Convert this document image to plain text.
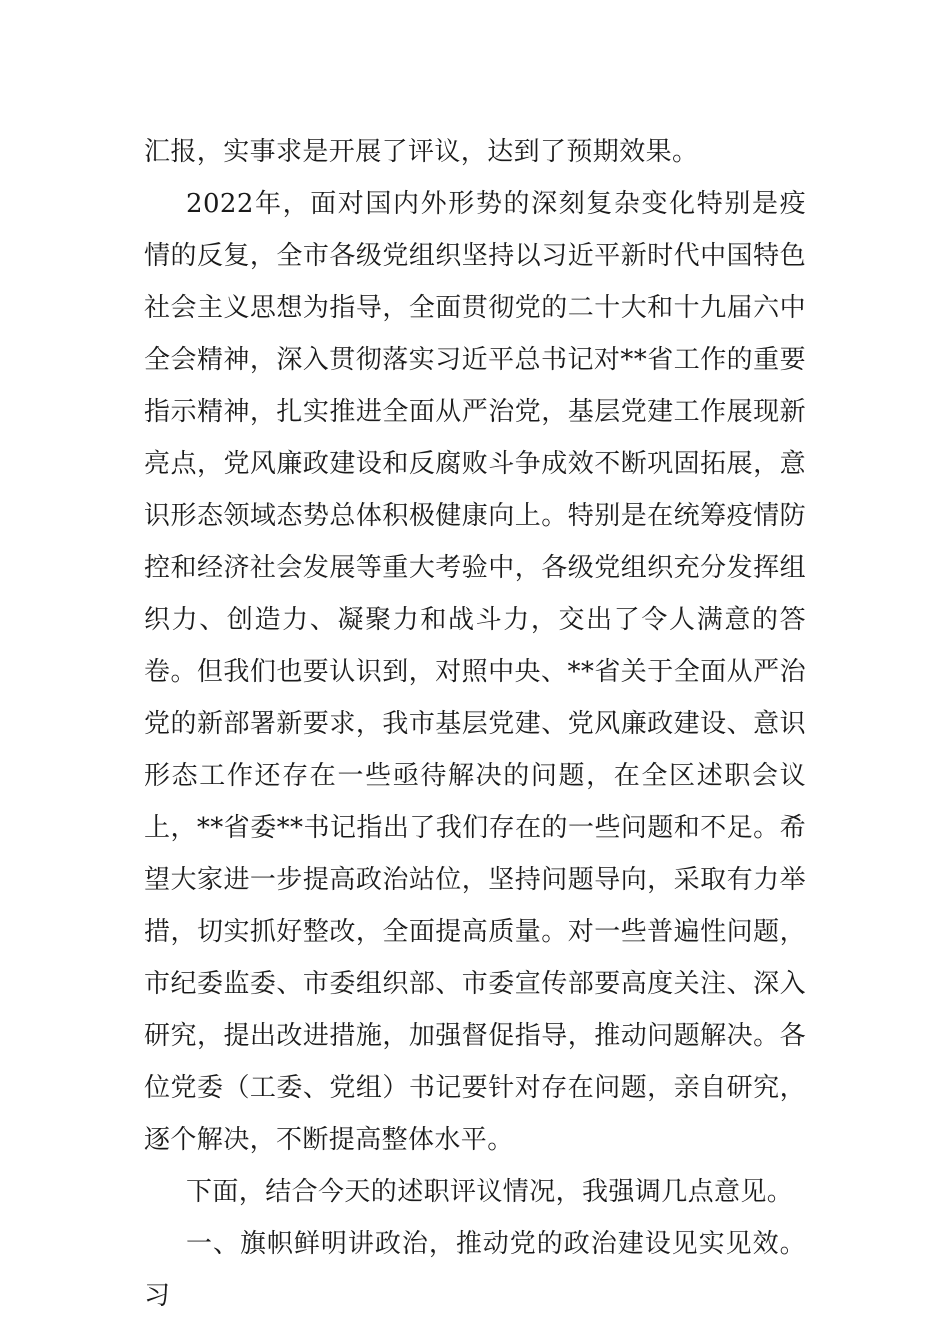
汇报，实事求是开展了评议，达到了预期效果。

2022年，面对国内外形势的深刻复杂变化特别是疫情的反复，全市各级党组织坚持以习近平新时代中国特色社会主义思想为指导，全面贯彻党的二十大和十九届六中全会精神，深入贯彻落实习近平总书记对**省工作的重要指示精神，扎实推进全面从严治党，基层党建工作展现新亮点，党风廉政建设和反腐败斗争成效不断巩固拓展，意识形态领域态势总体积极健康向上。特别是在统筹疫情防控和经济社会发展等重大考验中，各级党组织充分发挥组织力、创造力、凝聚力和战斗力，交出了令人满意的答卷。但我们也要认识到，对照中央、**省关于全面从严治党的新部署新要求，我市基层党建、党风廉政建设、意识形态工作还存在一些亟待解决的问题，在全区述职会议上，**省委**书记指出了我们存在的一些问题和不足。希望大家进一步提高政治站位，坚持问题导向，采取有力举措，切实抓好整改，全面提高质量。对一些普遍性问题，市纪委监委、市委组织部、市委宣传部要高度关注、深入研究，提出改进措施，加强督促指导，推动问题解决。各位党委（工委、党组）书记要针对存在问题，亲自研究，逐个解决，不断提高整体水平。

下面，结合今天的述职评议情况，我强调几点意见。

一、旗帜鲜明讲政治，推动党的政治建设见实见效。习
